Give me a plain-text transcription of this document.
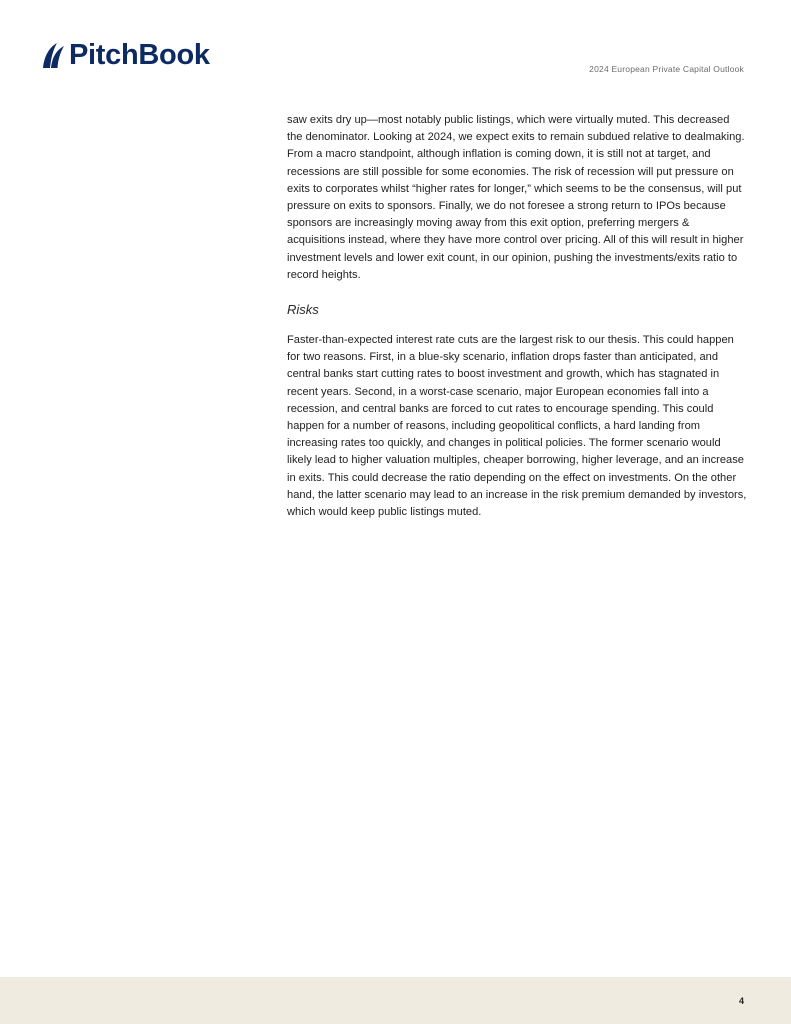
PitchBook	2024 European Private Capital Outlook

saw exits dry up—most notably public listings, which were virtually muted. This decreased the denominator. Looking at 2024, we expect exits to remain subdued relative to dealmaking. From a macro standpoint, although inflation is coming down, it is still not at target, and recessions are still possible for some economies. The risk of recession will put pressure on exits to corporates whilst “higher rates for longer,” which seems to be the consensus, will put pressure on exits to sponsors. Finally, we do not foresee a strong return to IPOs because sponsors are increasingly moving away from this exit option, preferring mergers & acquisitions instead, where they have more control over pricing. All of this will result in higher investment levels and lower exit count, in our opinion, pushing the investments/exits ratio to record heights.

Risks

Faster-than-expected interest rate cuts are the largest risk to our thesis. This could happen for two reasons. First, in a blue-sky scenario, inflation drops faster than anticipated, and central banks start cutting rates to boost investment and growth, which has stagnated in recent years. Second, in a worst-case scenario, major European economies fall into a recession, and central banks are forced to cut rates to encourage spending. This could happen for a number of reasons, including geopolitical conflicts, a hard landing from increasing rates too quickly, and changes in political policies. The former scenario would likely lead to higher valuation multiples, cheaper borrowing, higher leverage, and an increase in exits. This could decrease the ratio depending on the effect on investments. On the other hand, the latter scenario may lead to an increase in the risk premium demanded by investors, which would keep public listings muted.

4
